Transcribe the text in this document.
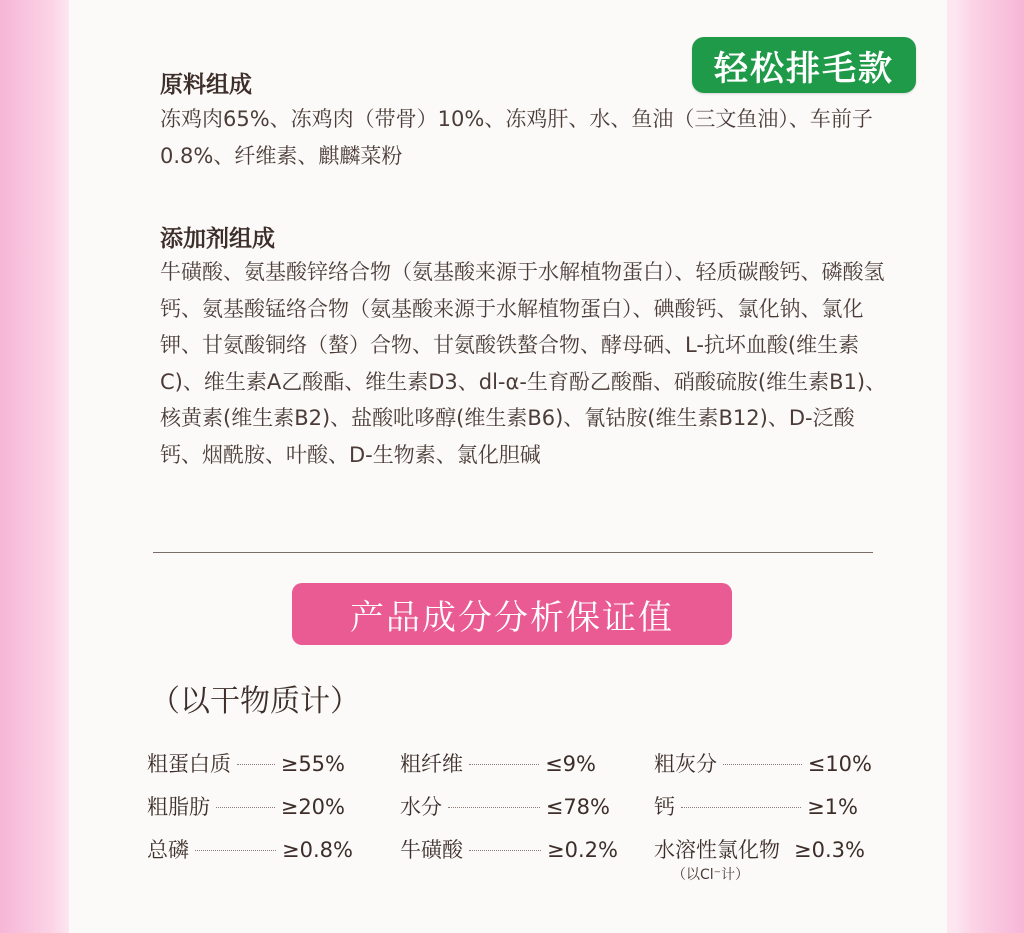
轻松排毛款
原料组成
冻鸡肉65%、冻鸡肉（带骨）10%、冻鸡肝、水、鱼油（三文鱼油）、车前子0.8%、纤维素、麒麟菜粉
添加剂组成
牛磺酸、氨基酸锌络合物（氨基酸来源于水解植物蛋白）、轻质碳酸钙、磷酸氢钙、氨基酸锰络合物（氨基酸来源于水解植物蛋白）、碘酸钙、氯化钠、氯化钾、甘氨酸铜络（螯）合物、甘氨酸铁螯合物、酵母硒、L-抗坏血酸(维生素C)、维生素A乙酸酯、维生素D3、dl-α-生育酚乙酸酯、硝酸硫胺(维生素B1)、核黄素(维生素B2)、盐酸吡哆醇(维生素B6)、氰钴胺(维生素B12)、D-泛酸钙、烟酰胺、叶酸、D-生物素、氯化胆碱
产品成分分析保证值
（以干物质计）
粗蛋白质 ≥55%	粗纤维	≤9%	粗灰分	≤10%
粗脂肪	≥20%	水分	≤78% 钙	≥1%
总磷	≥0.8% 牛磺酸	≥0.2% 水溶性氯化物 ≥0.3%
（以Cl⁻计）
